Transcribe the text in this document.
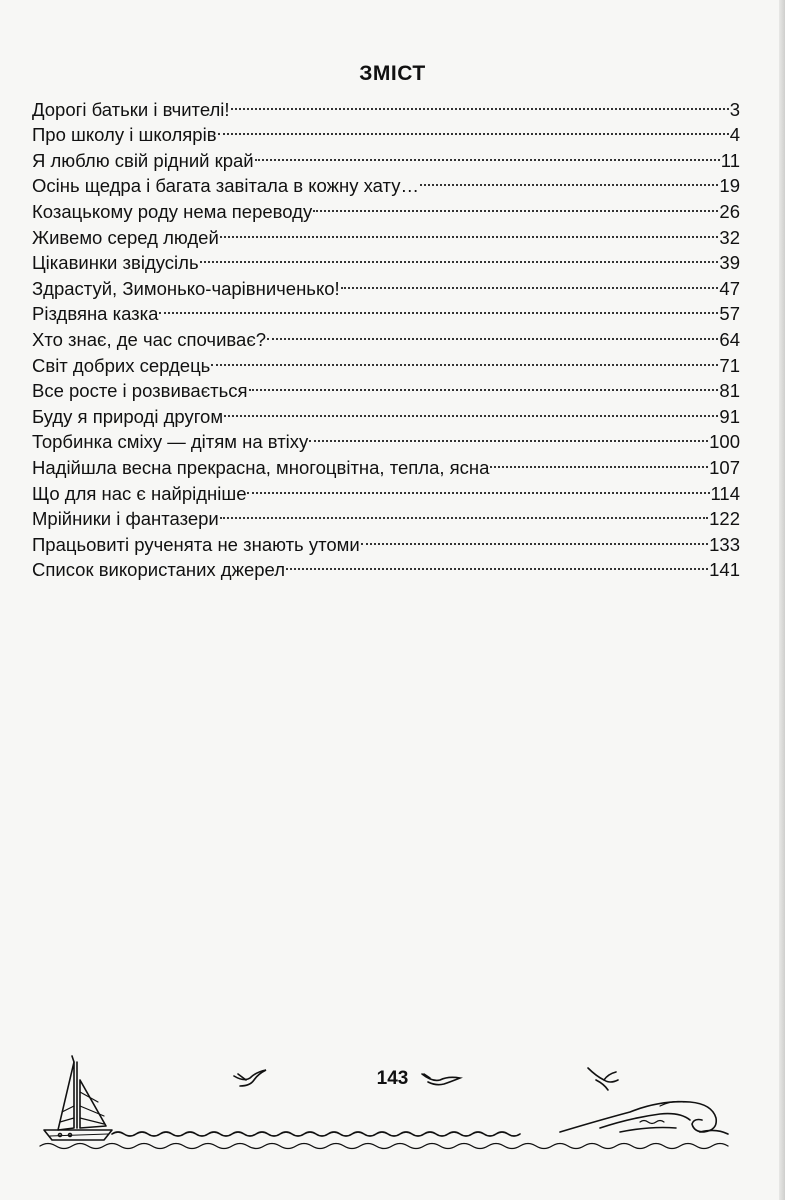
ЗМІСТ
Дорогі батьки і вчителі!	3
Про школу і школярів	4
Я люблю свій рідний край	11
Осінь щедра і багата завітала в кожну хату…	19
Козацькому роду нема переводу	26
Живемо серед людей	32
Цікавинки звідусіль	39
Здрастуй, Зимонько-чарівниченько!	47
Різдвяна казка	57
Хто знає, де час спочиває?	64
Світ добрих сердець	71
Все росте і розвивається	81
Буду я природі другом	91
Торбинка сміху — дітям на втіху	100
Надійшла весна прекрасна, многоцвітна, тепла, ясна	107
Що для нас є найрідніше	114
Мрійники і фантазери	122
Працьовиті рученята не знають утоми	133
Список використаних джерел	141
143
